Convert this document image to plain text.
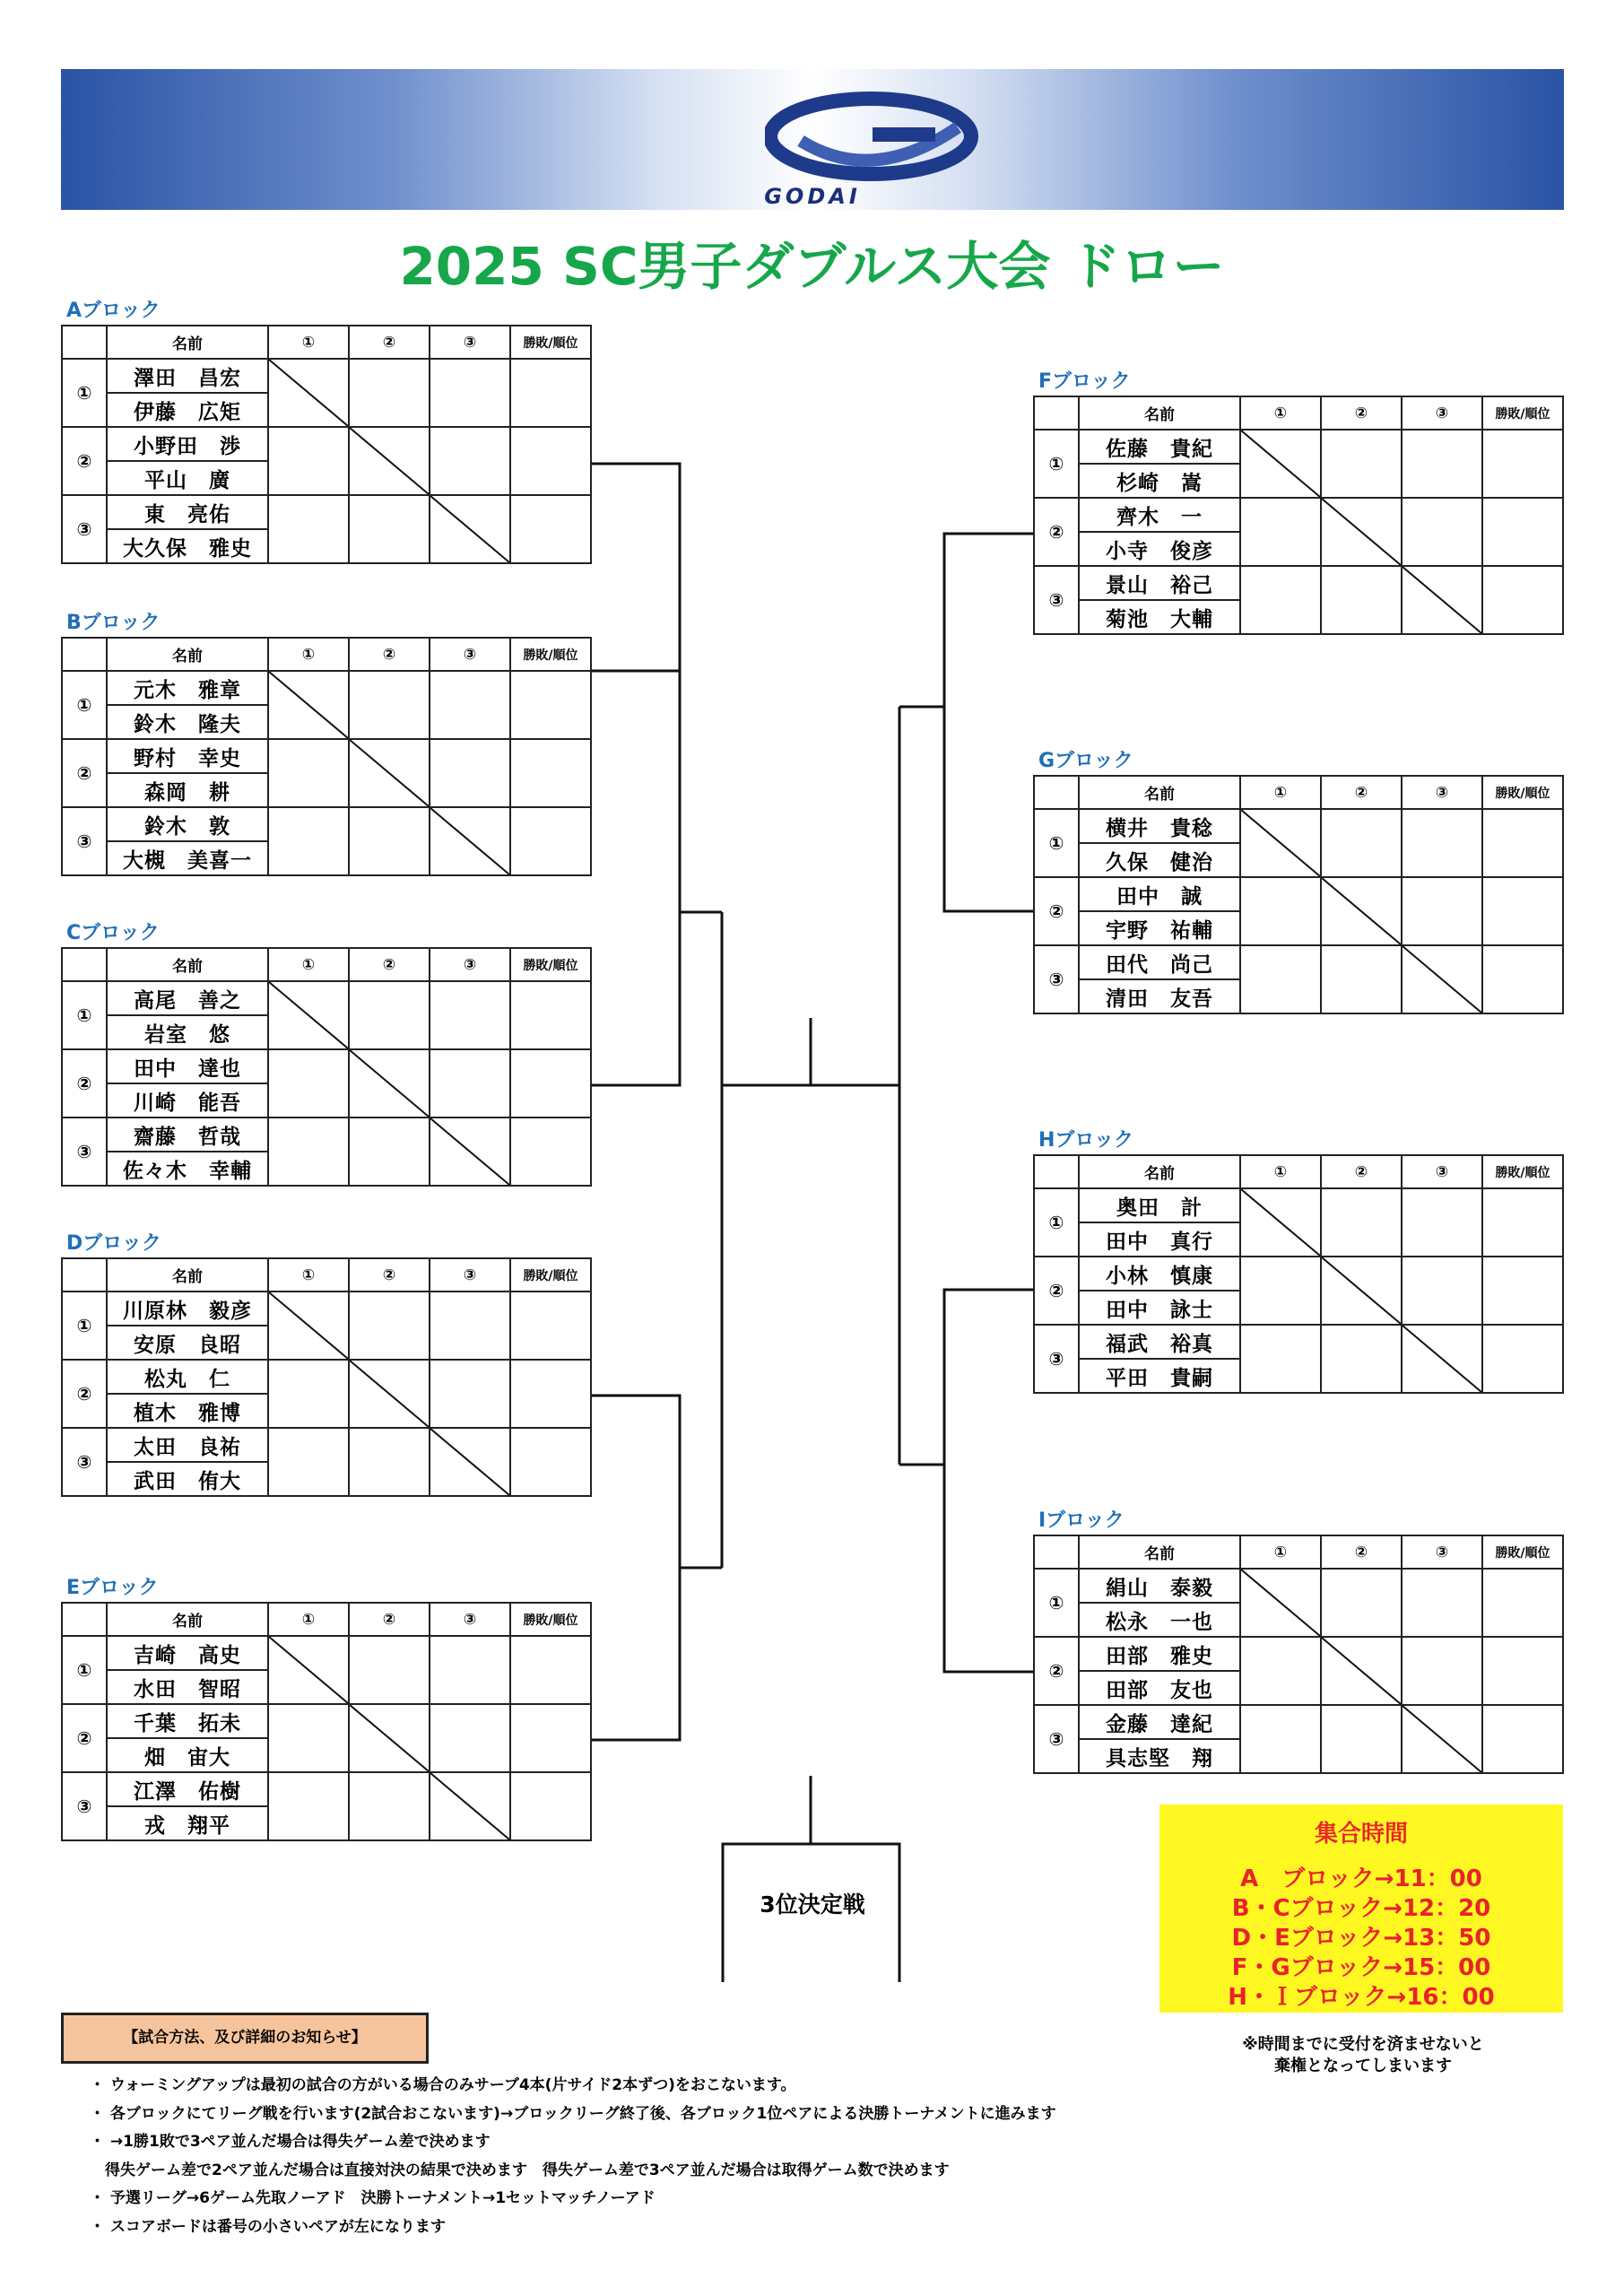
GODAI
2025 SC男子ダブルス大会 ドロー
Aブロック
	名前	①	②	③	勝敗/順位
①	澤田　昌宏	

	伊藤　広矩				
②	小野田　渉		

	平山　廣				
③	東　亮佑			

	大久保　雅史				
Bブロック
	名前	①	②	③	勝敗/順位
①	元木　雅章	

	鈴木　隆夫				
②	野村　幸史		

	森岡　耕				
③	鈴木　敦			

	大槻　美喜一				
Cブロック
	名前	①	②	③	勝敗/順位
①	高尾　善之	

	岩室　悠				
②	田中　達也		

	川崎　能吾				
③	齋藤　哲哉			

	佐々木　幸輔				
Dブロック
	名前	①	②	③	勝敗/順位
①	川原林　毅彦	

	安原　良昭				
②	松丸　仁		

	植木　雅博				
③	太田　良祐			

	武田　侑大				
Eブロック
	名前	①	②	③	勝敗/順位
①	吉崎　高史	

	水田　智昭				
②	千葉　拓未		

	畑　宙大				
③	江澤　佑樹			

	戎　翔平				
Fブロック
	名前	①	②	③	勝敗/順位
①	佐藤　貴紀	

	杉崎　嵩				
②	齊木　一		

	小寺　俊彦				
③	景山　裕己			

	菊池　大輔				
Gブロック
	名前	①	②	③	勝敗/順位
①	横井　貴稔	

	久保　健治				
②	田中　誠		

	宇野　祐輔				
③	田代　尚己			

	清田　友吾				
Hブロック
	名前	①	②	③	勝敗/順位
①	奥田　計	

	田中　真行				
②	小林　慎康		

	田中　詠士				
③	福武　裕真			

	平田　貴嗣				
Iブロック
	名前	①	②	③	勝敗/順位
①	絹山　泰毅	

	松永　一也				
②	田部　雅史		

	田部　友也				
③	金藤　達紀			

	具志堅　翔				
3位決定戦
集合時間
A　ブロック→11：00
B・Cブロック→12：20
D・Eブロック→13：50
F・Gブロック→15：00
H・Ｉブロック→16：00
※時間までに受付を済ませないと
棄権となってしまいます
【試合方法、及び詳細のお知らせ】
・ ウォーミングアップは最初の試合の方がいる場合のみサーブ4本(片サイド2本ずつ)をおこないます。
・ 各ブロックにてリーグ戦を行います(2試合おこないます)→ブロックリーグ終了後、各ブロック1位ペアによる決勝トーナメントに進みます
・ →1勝1敗で3ペア並んだ場合は得失ゲーム差で決めます
　得失ゲーム差で2ペア並んだ場合は直接対決の結果で決めます　得失ゲーム差で3ペア並んだ場合は取得ゲーム数で決めます
・ 予選リーグ→6ゲーム先取ノーアド　決勝トーナメント→1セットマッチノーアド
・ スコアボードは番号の小さいペアが左になります
